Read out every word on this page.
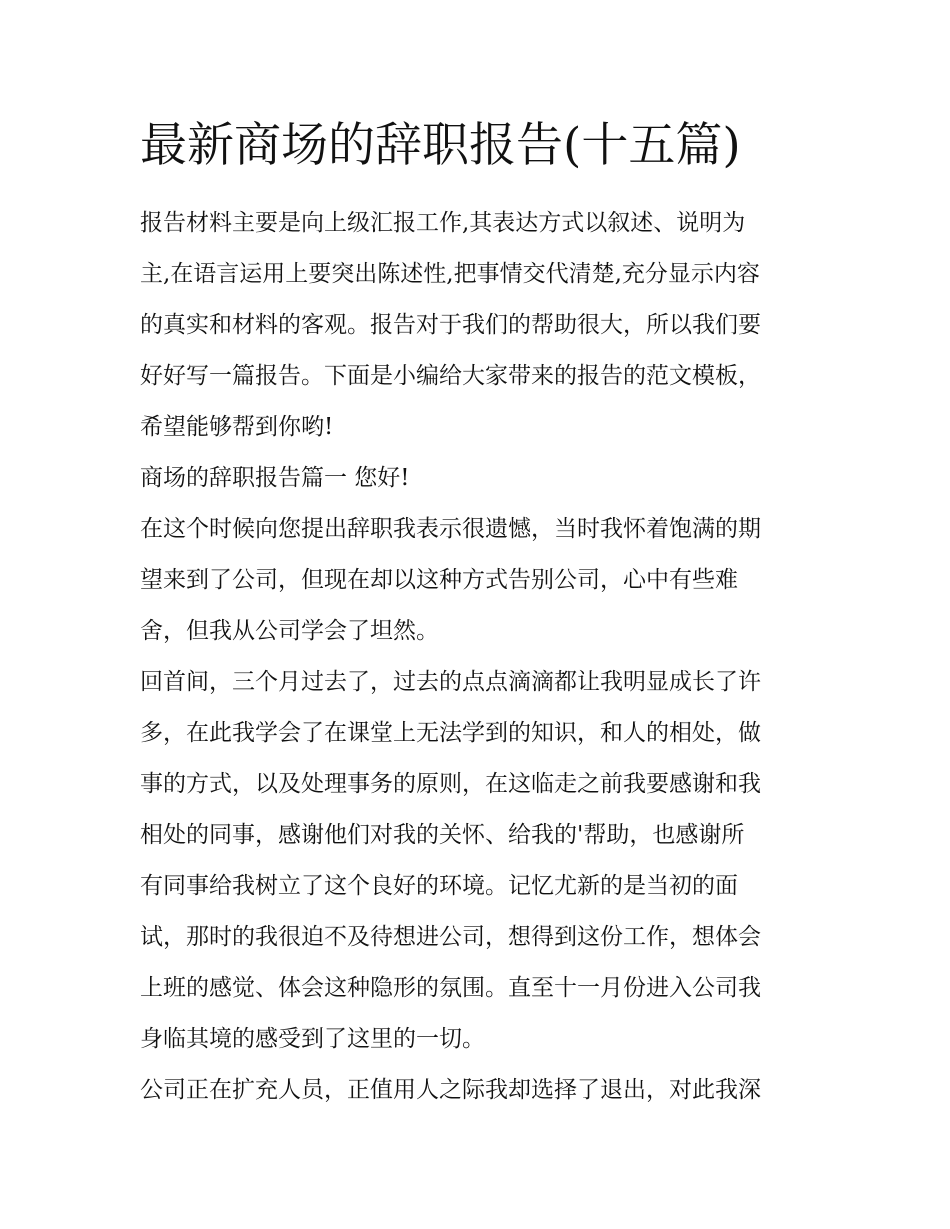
最新商场的辞职报告(十五篇)
报告材料主要是向上级汇报工作,其表达方式以叙述、说明为
主,在语言运用上要突出陈述性,把事情交代清楚,充分显示内容
的真实和材料的客观。报告对于我们的帮助很大，所以我们要
好好写一篇报告。下面是小编给大家带来的报告的范文模板，
希望能够帮到你哟!
商场的辞职报告篇一 您好!
在这个时候向您提出辞职我表示很遗憾，当时我怀着饱满的期
望来到了公司，但现在却以这种方式告别公司，心中有些难
舍，但我从公司学会了坦然。
回首间，三个月过去了，过去的点点滴滴都让我明显成长了许
多，在此我学会了在课堂上无法学到的知识，和人的相处，做
事的方式，以及处理事务的原则，在这临走之前我要感谢和我
相处的同事，感谢他们对我的关怀、给我的'帮助，也感谢所
有同事给我树立了这个良好的环境。记忆尤新的是当初的面
试，那时的我很迫不及待想进公司，想得到这份工作，想体会
上班的感觉、体会这种隐形的氛围。直至十一月份进入公司我
身临其境的感受到了这里的一切。
公司正在扩充人员，正值用人之际我却选择了退出，对此我深
